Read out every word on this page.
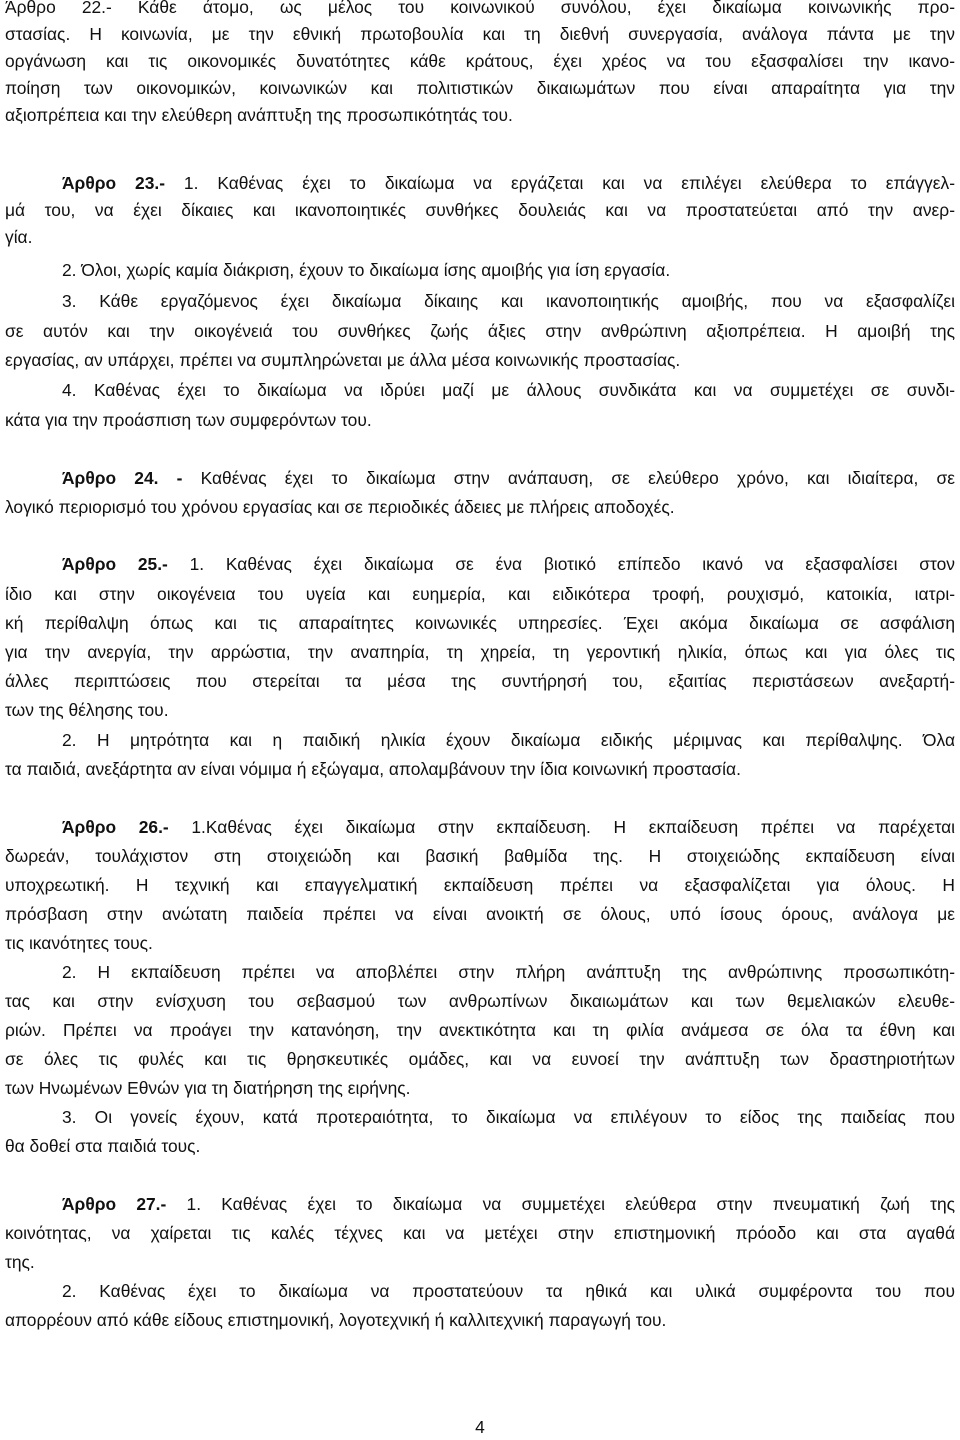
Άρθρο 22.- Κάθε άτομο, ως μέλος του κοινωνικού συνόλου, έχει δικαίωμα κοινωνικής προ-
στασίας. Η κοινωνία, με την εθνική πρωτοβουλία και τη διεθνή συνεργασία, ανάλογα πάντα με την
οργάνωση και τις οικονομικές δυνατότητες κάθε κράτους, έχει χρέος να του εξασφαλίσει την ικανο-
ποίηση των οικονομικών, κοινωνικών και πολιτιστικών δικαιωμάτων που είναι απαραίτητα για την
αξιοπρέπεια και την ελεύθερη ανάπτυξη της προσωπικότητάς του.
Άρθρο 23.- 1. Καθένας έχει το δικαίωμα να εργάζεται και να επιλέγει ελεύθερα το επάγγελ-
μά του, να έχει δίκαιες και ικανοποιητικές συνθήκες δουλειάς και να προστατεύεται από την ανερ-
γία.
2. Όλοι, χωρίς καμία διάκριση, έχουν το δικαίωμα ίσης αμοιβής για ίση εργασία.
3. Κάθε εργαζόμενος έχει δικαίωμα δίκαιης και ικανοποιητικής αμοιβής, που να εξασφαλίζει
σε αυτόν και την οικογένειά του συνθήκες ζωής άξιες στην ανθρώπινη αξιοπρέπεια. Η αμοιβή της
εργασίας, αν υπάρχει, πρέπει να συμπληρώνεται με άλλα μέσα κοινωνικής προστασίας.
4. Καθένας έχει το δικαίωμα να ιδρύει μαζί με άλλους συνδικάτα και να συμμετέχει σε συνδι-
κάτα για την προάσπιση των συμφερόντων του.
Άρθρο 24. - Καθένας έχει το δικαίωμα στην ανάπαυση, σε ελεύθερο χρόνο, και ιδιαίτερα, σε
λογικό περιορισμό του χρόνου εργασίας και σε περιοδικές άδειες με πλήρεις αποδοχές.
Άρθρο 25.- 1. Καθένας έχει δικαίωμα σε ένα βιοτικό επίπεδο ικανό να εξασφαλίσει στον
ίδιο και στην οικογένεια του υγεία και ευημερία, και ειδικότερα τροφή, ρουχισμό, κατοικία, ιατρι-
κή περίθαλψη όπως και τις απαραίτητες κοινωνικές υπηρεσίες. Έχει ακόμα δικαίωμα σε ασφάλιση
για την ανεργία, την αρρώστια, την αναπηρία, τη χηρεία, τη γεροντική ηλικία, όπως και για όλες τις
άλλες περιπτώσεις που στερείται τα μέσα της συντήρησή του, εξαιτίας περιστάσεων ανεξαρτή-
των της θέλησης του.
2. Η μητρότητα και η παιδική ηλικία έχουν δικαίωμα ειδικής μέριμνας και περίθαλψης. Όλα
τα παιδιά, ανεξάρτητα αν είναι νόμιμα ή εξώγαμα, απολαμβάνουν την ίδια κοινωνική προστασία.
Άρθρο 26.- 1.Καθένας έχει δικαίωμα στην εκπαίδευση. Η εκπαίδευση πρέπει να παρέχεται
δωρεάν, τουλάχιστον στη στοιχειώδη και βασική βαθμίδα της. Η στοιχειώδης εκπαίδευση είναι
υποχρεωτική. Η τεχνική και επαγγελματική εκπαίδευση πρέπει να εξασφαλίζεται για όλους. Η
πρόσβαση στην ανώτατη παιδεία πρέπει να είναι ανοικτή σε όλους, υπό ίσους όρους, ανάλογα με
τις ικανότητες τους.
2. Η εκπαίδευση πρέπει να αποβλέπει στην πλήρη ανάπτυξη της ανθρώπινης προσωπικότη-
τας και στην ενίσχυση του σεβασμού των ανθρωπίνων δικαιωμάτων και των θεμελιακών ελευθε-
ριών. Πρέπει να προάγει την κατανόηση, την ανεκτικότητα και τη φιλία ανάμεσα σε όλα τα έθνη και
σε όλες τις φυλές και τις θρησκευτικές ομάδες, και να ευνοεί την ανάπτυξη των δραστηριοτήτων
των Ηνωμένων Εθνών για τη διατήρηση της ειρήνης.
3. Οι γονείς έχουν, κατά προτεραιότητα, το δικαίωμα να επιλέγουν το είδος της παιδείας που
θα δοθεί στα παιδιά τους.
Άρθρο 27.- 1. Καθένας έχει το δικαίωμα να συμμετέχει ελεύθερα στην πνευματική ζωή της
κοινότητας, να χαίρεται τις καλές τέχνες και να μετέχει στην επιστημονική πρόοδο και στα αγαθά
της.
2. Καθένας έχει το δικαίωμα να προστατεύουν τα ηθικά και υλικά συμφέροντα του που
απορρέουν από κάθε είδους επιστημονική, λογοτεχνική ή καλλιτεχνική παραγωγή του.
4
